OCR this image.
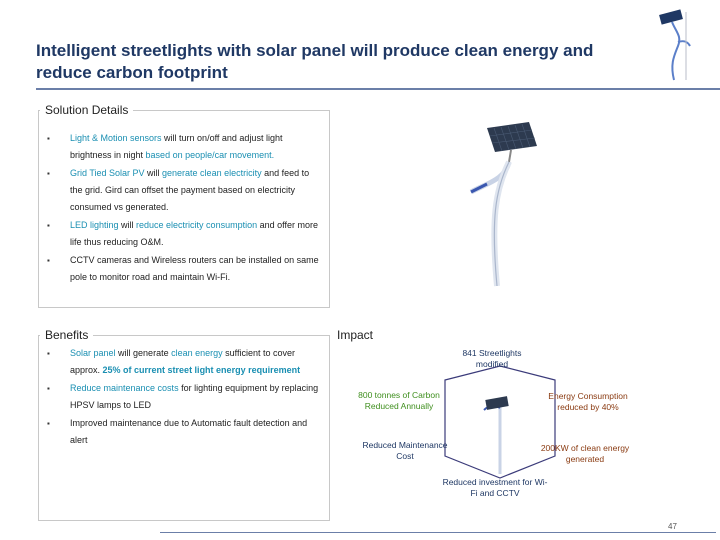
Intelligent streetlights with solar panel will produce clean energy and reduce carbon footprint
Solution Details
▪ Light & Motion sensors will turn on/off and adjust light brightness in night based on people/car movement.
▪ Grid Tied Solar PV will generate clean electricity and feed to the grid. Gird can offset the payment based on electricity consumed vs generated.
▪ LED lighting will reduce electricity consumption and offer more life thus reducing O&M.
▪ CCTV cameras and Wireless routers can be installed on same pole to monitor road and maintain Wi-Fi.
Benefits
▪ Solar panel will generate clean energy sufficient to cover approx. 25% of current street light energy requirement
▪ Reduce maintenance costs for lighting equipment by replacing HPSV lamps to LED
▪ Improved maintenance due to Automatic fault detection and alert
Impact
841 Streetlights modified
800 tonnes of Carbon Reduced Annually
Energy Consumption reduced by 40%
Reduced Maintenance Cost
200KW of clean energy generated
Reduced investment for Wi-Fi and CCTV
47
